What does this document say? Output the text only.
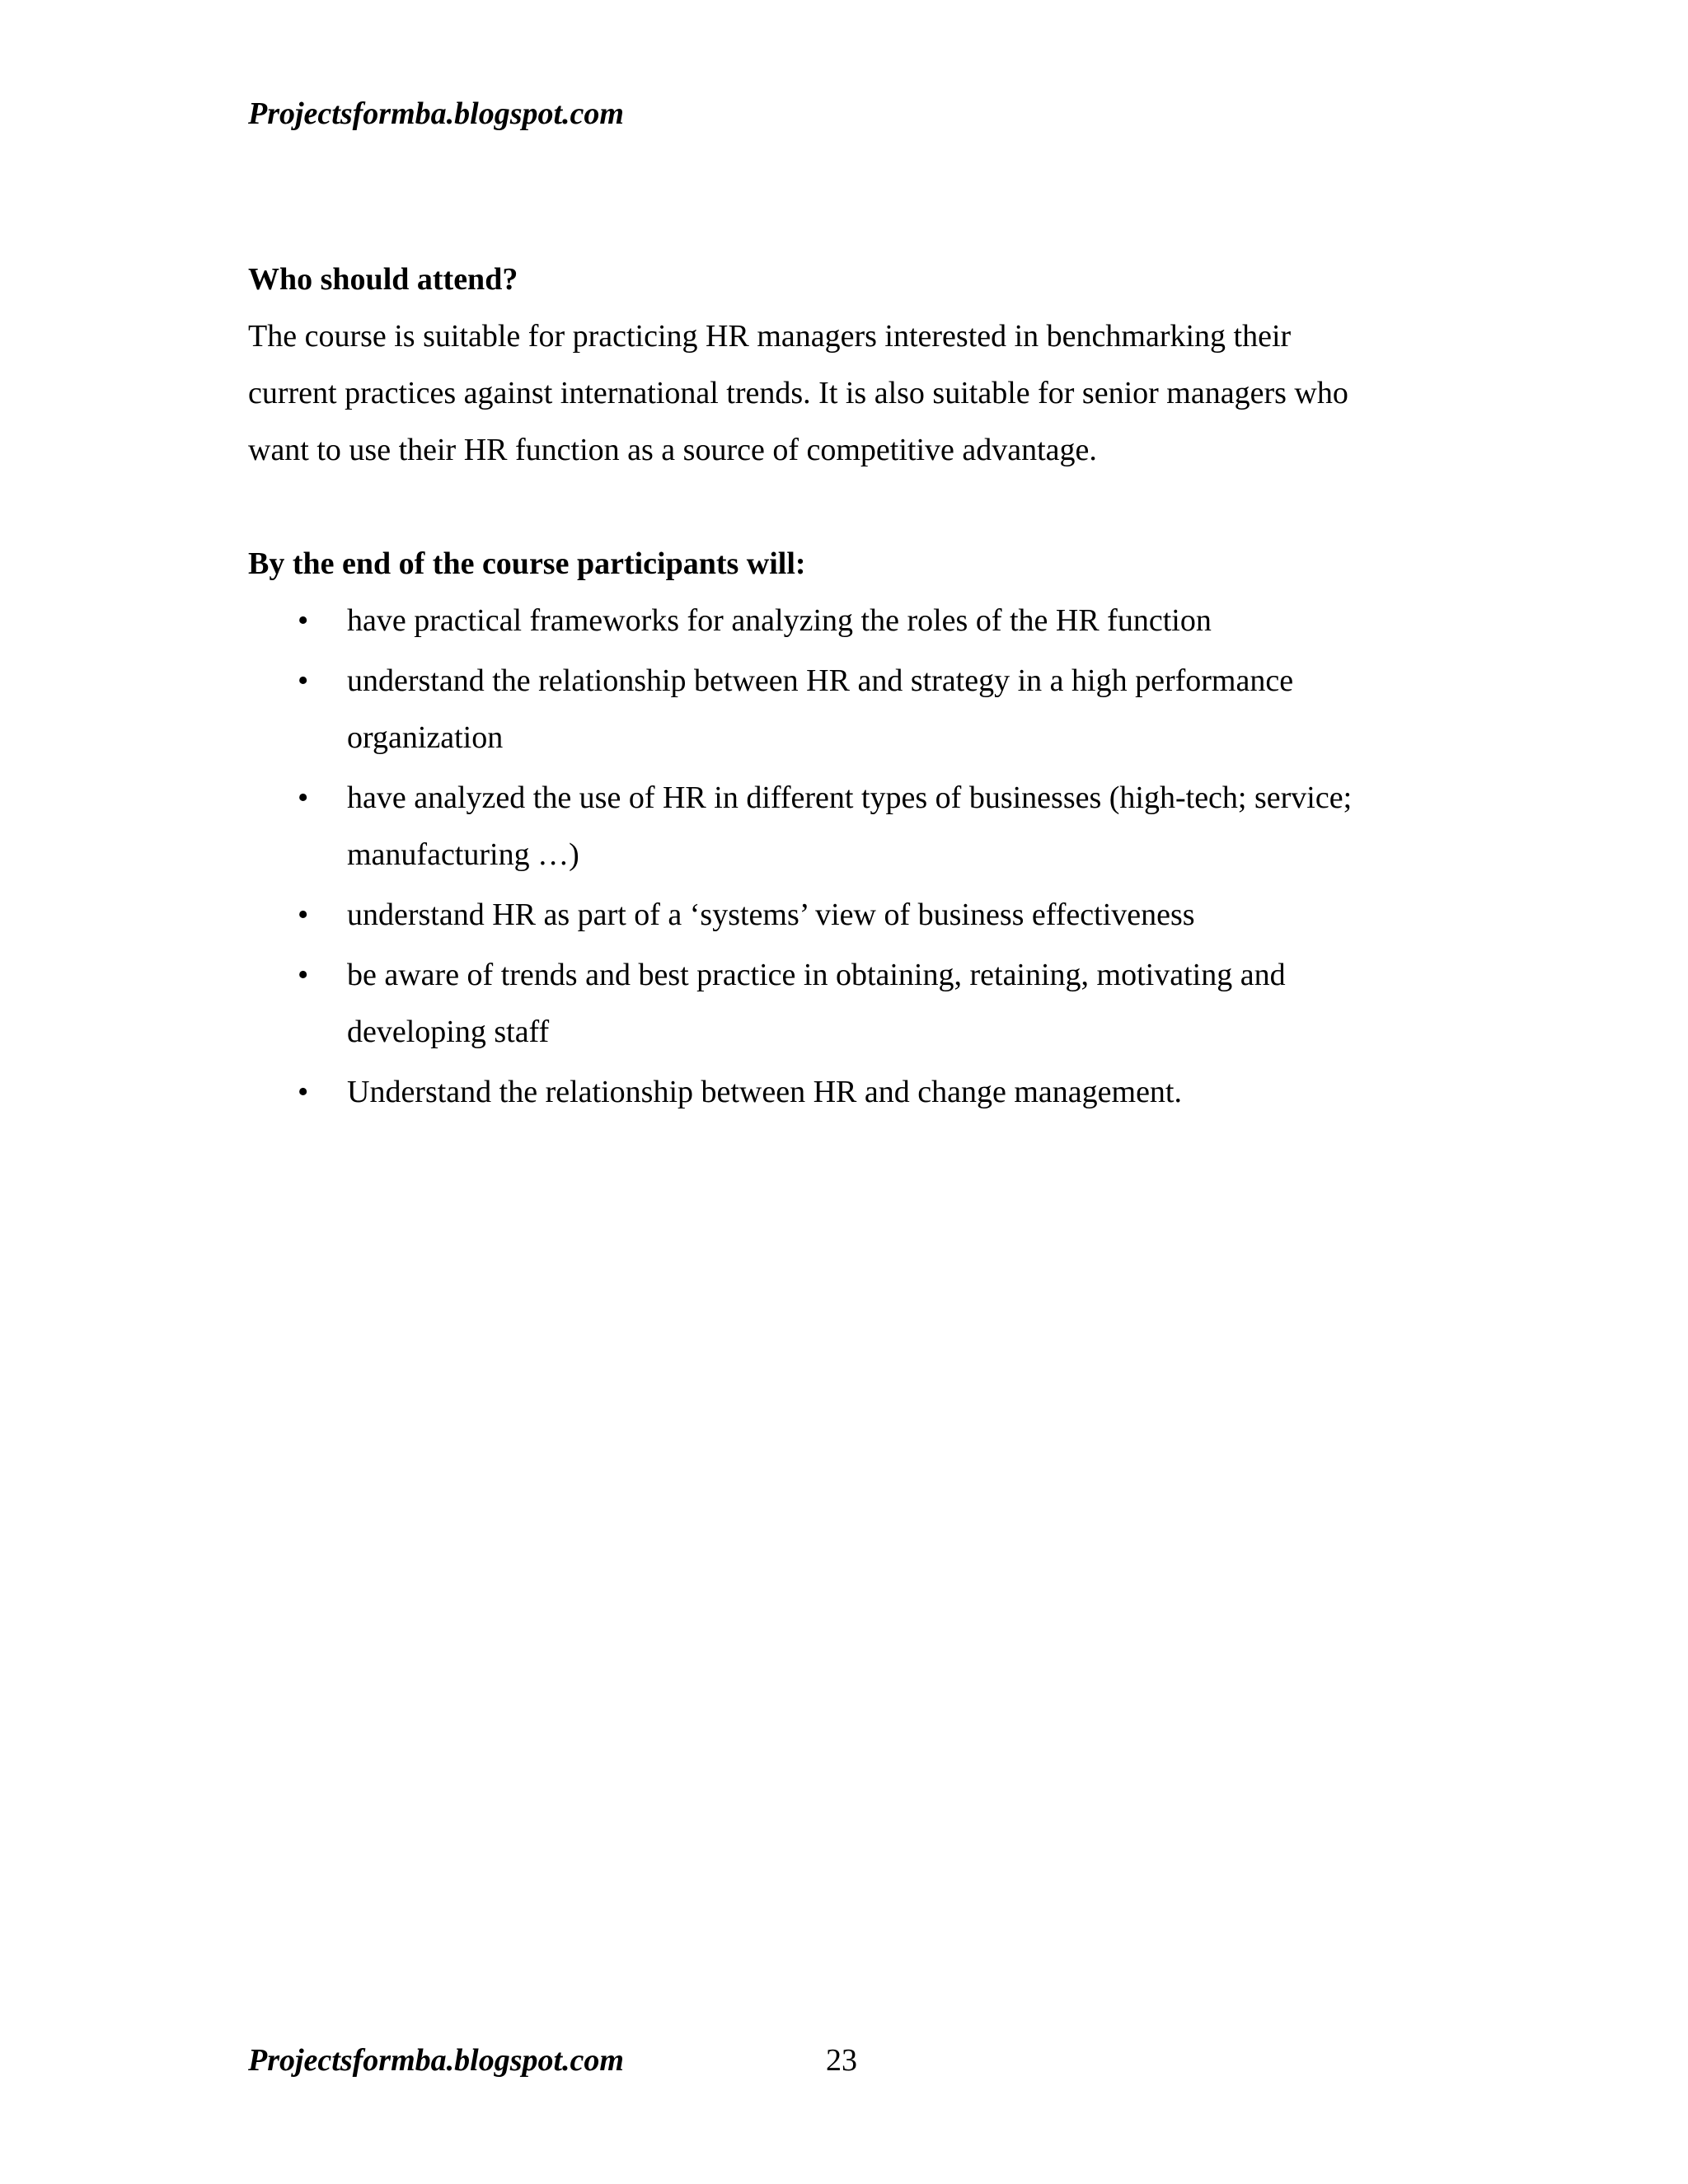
Projectsformba.blogspot.com

Who should attend?

The course is suitable for practicing HR managers interested in benchmarking their

current practices against international trends. It is also suitable for senior managers who

want to use their HR function as a source of competitive advantage.

By the end of the course participants will:

• have practical frameworks for analyzing the roles of the HR function
• understand the relationship between HR and strategy in a high performance
organization
• have analyzed the use of HR in different types of businesses (high-tech; service;
manufacturing …)
• understand HR as part of a ‘systems’ view of business effectiveness
• be aware of trends and best practice in obtaining, retaining, motivating and
developing staff
• Understand the relationship between HR and change management.
Projectsformba.blogspot.com	23
